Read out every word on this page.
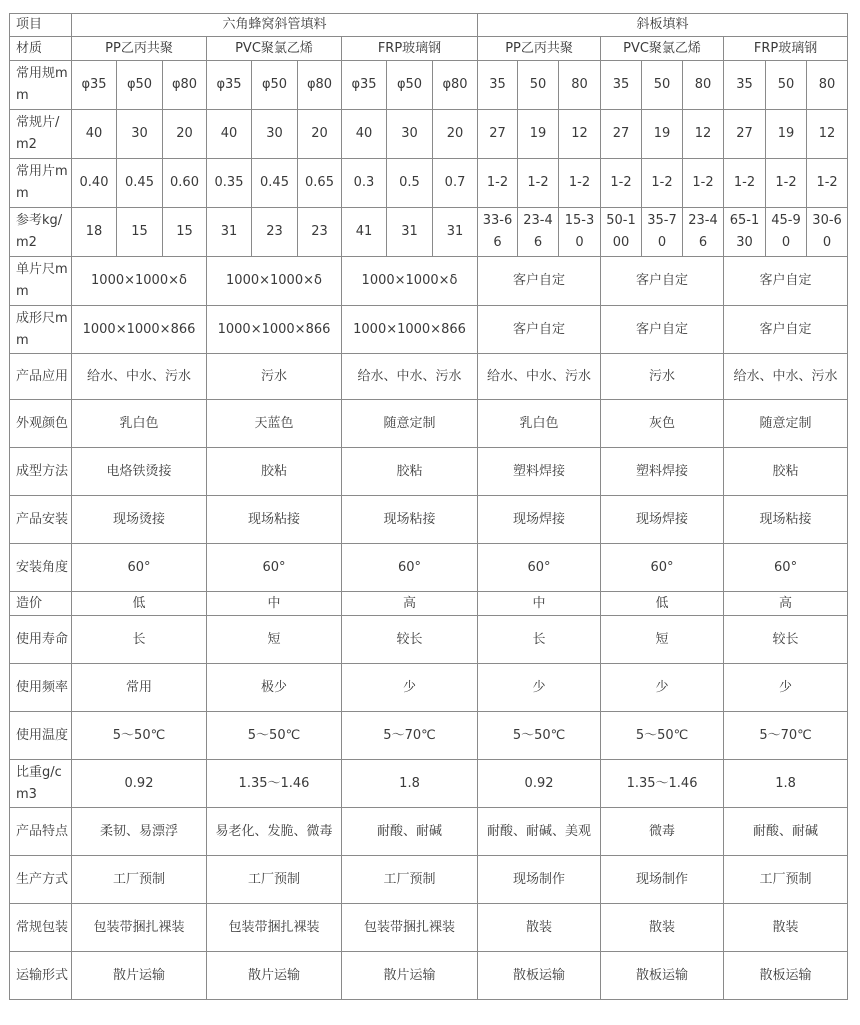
项目	六角蜂窝斜管填料									斜板填料								
材质	PP乙丙共聚			PVC聚氯乙烯			FRP玻璃钢			PP乙丙共聚			PVC聚氯乙烯			FRP玻璃钢		
常用规mm	φ35	φ50	φ80	φ35	φ50	φ80	φ35	φ50	φ80	35	50	80	35	50	80	35	50	80
常规片/m2	40	30	20	40	30	20	40	30	20	27	19	12	27	19	12	27	19	12
常用片mm	0.40	0.45	0.60	0.35	0.45	0.65	0.3	0.5	0.7	1-2	1-2	1-2	1-2	1-2	1-2	1-2	1-2	1-2
参考kg/m2	18	15	15	31	23	23	41	31	31	33-66	23-46	15-30	50-100	35-70	23-46	65-130	45-90	30-60
单片尺mm	1000×1000×δ			1000×1000×δ			1000×1000×δ			客户自定			客户自定			客户自定		
成形尺mm	1000×1000×866			1000×1000×866			1000×1000×866			客户自定			客户自定			客户自定		
产品应用	给水、中水、污水			污水			给水、中水、污水			给水、中水、污水			污水			给水、中水、污水		
外观颜色	乳白色			天蓝色			随意定制			乳白色			灰色			随意定制		
成型方法	电烙铁烫接			胶粘			胶粘			塑料焊接			塑料焊接			胶粘		
产品安装	现场烫接			现场粘接			现场粘接			现场焊接			现场焊接			现场粘接		
安装角度	60°			60°			60°			60°			60°			60°		
造价	低			中			高			中			低			高		
使用寿命	长			短			较长			长			短			较长		
使用频率	常用			极少			少			少			少			少		
使用温度	5～50℃			5～50℃			5～70℃			5～50℃			5～50℃			5～70℃		
比重g/cm3	0.92			1.35～1.46			1.8			0.92			1.35～1.46			1.8		
产品特点	柔韧、易漂浮			易老化、发脆、微毒			耐酸、耐碱			耐酸、耐碱、美观			微毒			耐酸、耐碱		
生产方式	工厂预制			工厂预制			工厂预制			现场制作			现场制作			工厂预制		
常规包装	包装带捆扎裸装			包装带捆扎裸装			包装带捆扎裸装			散装			散装			散装		
运输形式	散片运输			散片运输			散片运输			散板运输			散板运输			散板运输		
